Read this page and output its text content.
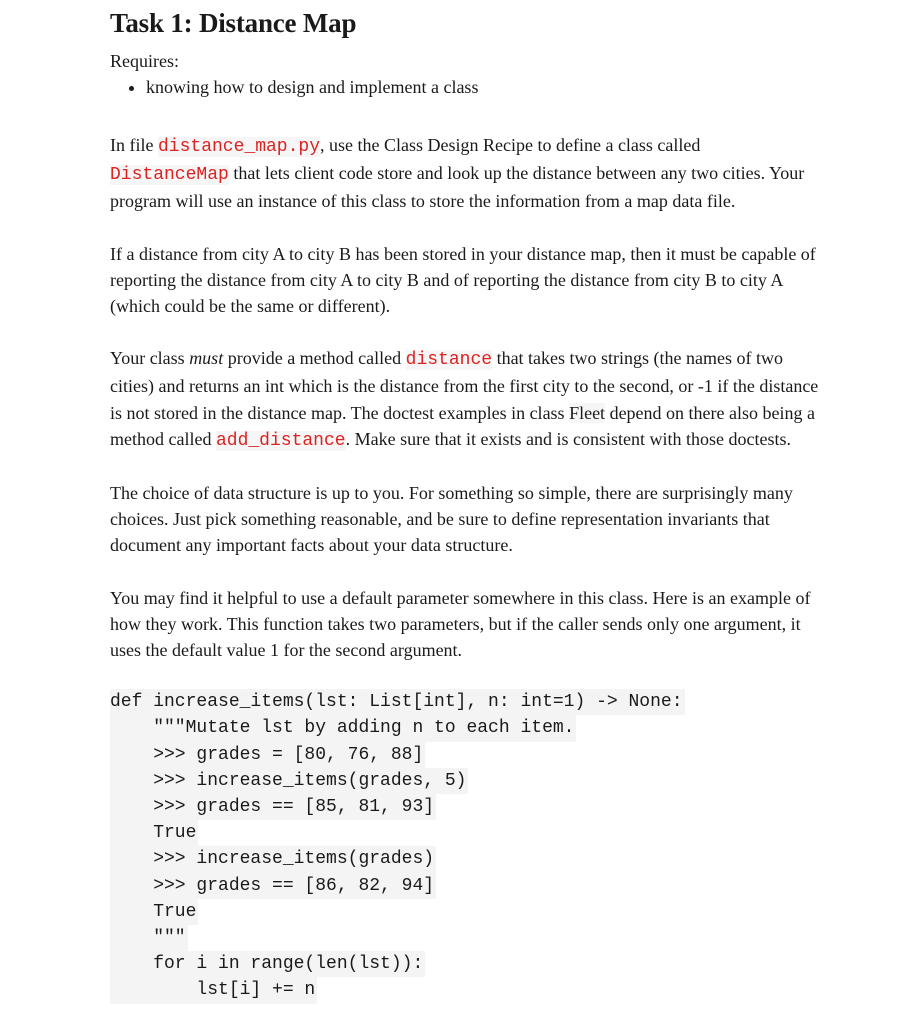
Task 1: Distance Map
Requires:
• knowing how to design and implement a class

In file distance_map.py, use the Class Design Recipe to define a class called DistanceMap that lets client code store and look up the distance between any two cities. Your program will use an instance of this class to store the information from a map data file.

If a distance from city A to city B has been stored in your distance map, then it must be capable of reporting the distance from city A to city B and of reporting the distance from city B to city A (which could be the same or different).

Your class must provide a method called distance that takes two strings (the names of two cities) and returns an int which is the distance from the first city to the second, or -1 if the distance is not stored in the distance map. The doctest examples in class Fleet depend on there also being a method called add_distance. Make sure that it exists and is consistent with those doctests.

The choice of data structure is up to you. For something so simple, there are surprisingly many choices. Just pick something reasonable, and be sure to define representation invariants that document any important facts about your data structure.

You may find it helpful to use a default parameter somewhere in this class. Here is an example of how they work. This function takes two parameters, but if the caller sends only one argument, it uses the default value 1 for the second argument.

def increase_items(lst: List[int], n: int=1) -> None:
"""Mutate lst by adding n to each item.
>>> grades = [80, 76, 88]
>>> increase_items(grades, 5)
>>> grades == [85, 81, 93]
True
>>> increase_items(grades)
>>> grades == [86, 82, 94]
True
"""
for i in range(len(lst)):
lst[i] += n
